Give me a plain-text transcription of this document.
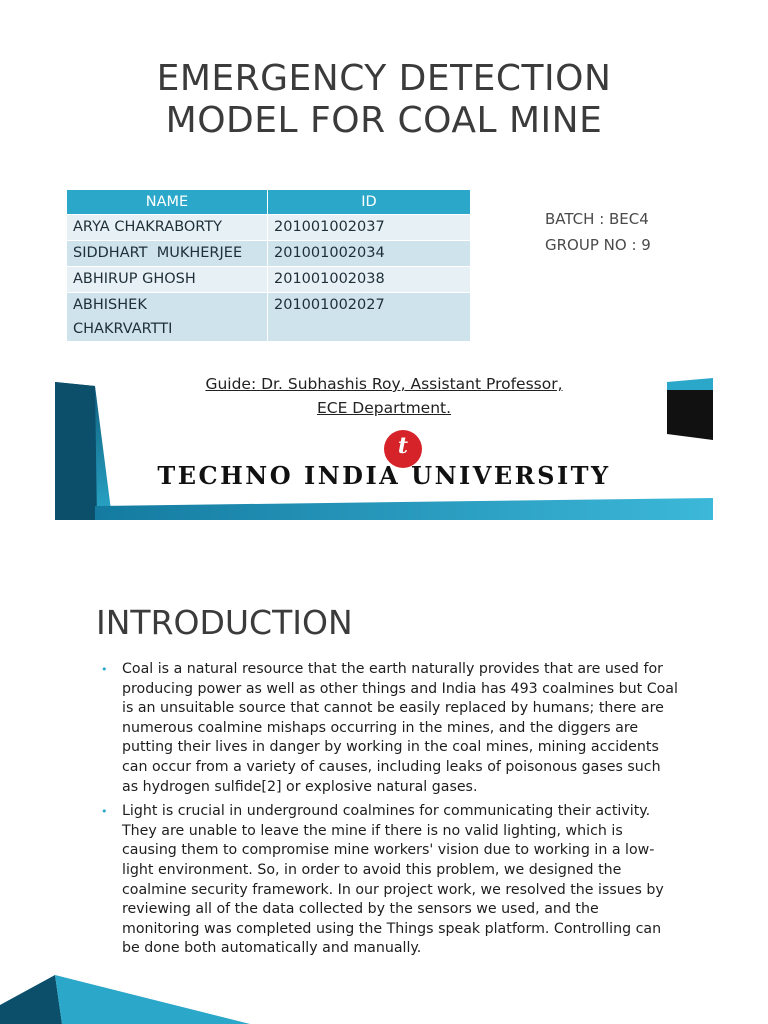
EMERGENCY DETECTION
MODEL FOR COAL MINE
NAME	ID
ARYA CHAKRABORTY	201001002037
SIDDHART  MUKHERJEE	201001002034
ABHIRUP GHOSH	201001002038
ABHISHEK CHAKRVARTTI	201001002027
BATCH : BEC4
GROUP NO : 9
Guide: Dr. Subhashis Roy, Assistant Professor,
ECE Department.
t
TECHNO INDIA UNIVERSITY
INTRODUCTION
• Coal is a natural resource that the earth naturally provides that are used for producing power as well as other things and India has 493 coalmines but Coal is an unsuitable source that cannot be easily replaced by humans; there are numerous coalmine mishaps occurring in the mines, and the diggers are putting their lives in danger by working in the coal mines, mining accidents can occur from a variety of causes, including leaks of poisonous gases such as hydrogen sulfide[2] or explosive natural gases.
• Light is crucial in underground coalmines for communicating their activity. They are unable to leave the mine if there is no valid lighting, which is causing them to compromise mine workers' vision due to working in a low-light environment. So, in order to avoid this problem, we designed the coalmine security framework. In our project work, we resolved the issues by reviewing all of the data collected by the sensors we used, and the monitoring was completed using the Things speak platform. Controlling can be done both automatically and manually.
